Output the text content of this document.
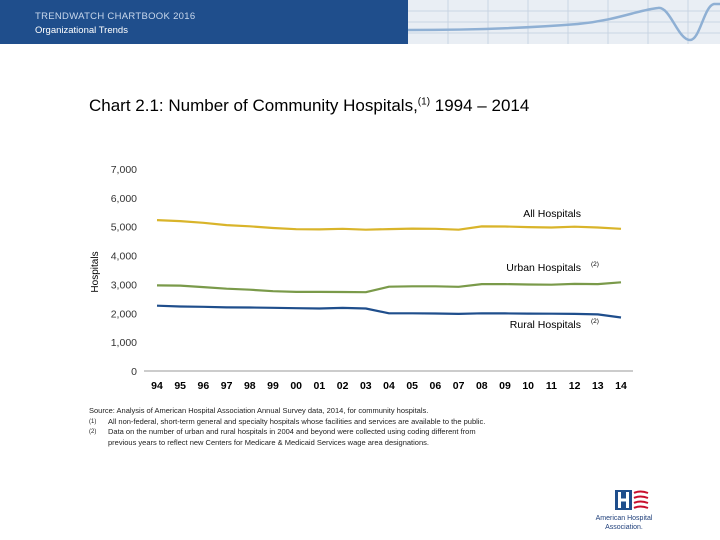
TRENDWATCH CHARTBOOK 2016
Organizational Trends
Chart 2.1: Number of Community Hospitals,$^{(1)}$ 1994 – 2014
7,000
6,000
5,000
4,000
3,000
2,000
1,000
0
Hospitals
94 95 96 97 98 99 00 01 02 03 04 05 06 07 08 09 10 11 12 13 14
All Hospitals
Urban Hospitals (2)
Rural Hospitals (2)
Source: Analysis of American Hospital Association Annual Survey data, 2014, for community hospitals.
(1)	All non-federal, short-term general and specialty hospitals whose facilities and services are available to the public.
(2)	Data on the number of urban and rural hospitals in 2004 and beyond were collected using coding different from
previous years to reflect new Centers for Medicare & Medicaid Services wage area designations.
American Hospital
Association.
